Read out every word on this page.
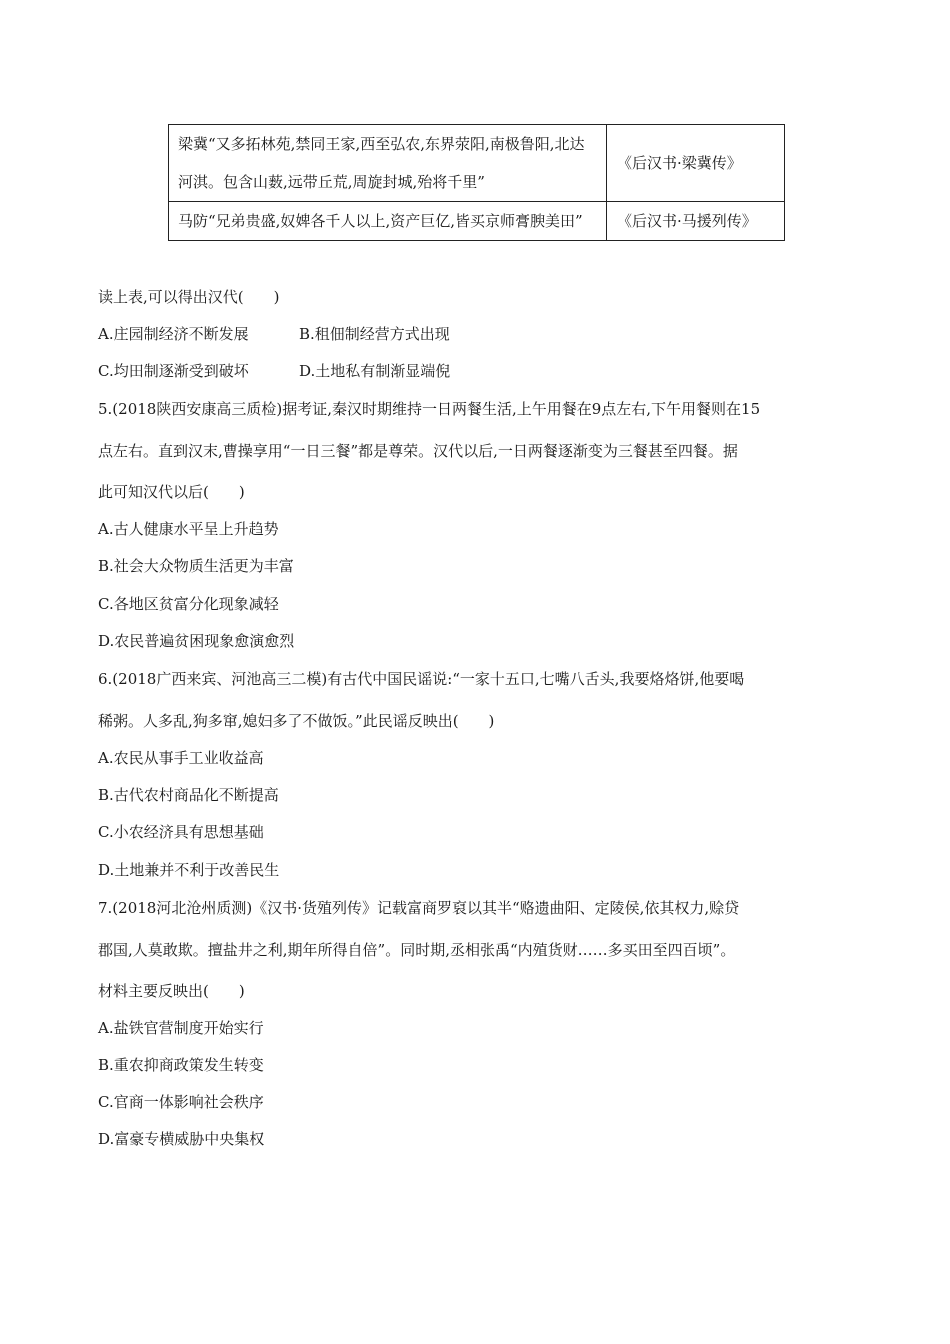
梁冀“又多拓林苑,禁同王家,西至弘农,东界荥阳,南极鲁阳,北达河淇。包含山薮,远带丘荒,周旋封城,殆将千里”	《后汉书·梁冀传》
马防“兄弟贵盛,奴婢各千人以上,资产巨亿,皆买京师膏腴美田”	《后汉书·马援列传》
读上表,可以得出汉代(　　)
A.庄园制经济不断发展	B.租佃制经营方式出现
C.均田制逐渐受到破坏	D.土地私有制渐显端倪
5.(2018陕西安康高三质检)据考证,秦汉时期维持一日两餐生活,上午用餐在9点左右,下午用餐则在15
点左右。直到汉末,曹操享用“一日三餐”都是尊荣。汉代以后,一日两餐逐渐变为三餐甚至四餐。据
此可知汉代以后(　　)
A.古人健康水平呈上升趋势
B.社会大众物质生活更为丰富
C.各地区贫富分化现象减轻
D.农民普遍贫困现象愈演愈烈
6.(2018广西来宾、河池高三二模)有古代中国民谣说:“一家十五口,七嘴八舌头,我要烙烙饼,他要喝
稀粥。人多乱,狗多窜,媳妇多了不做饭。”此民谣反映出(　　)
A.农民从事手工业收益高
B.古代农村商品化不断提高
C.小农经济具有思想基础
D.土地兼并不利于改善民生
7.(2018河北沧州质测)《汉书·货殖列传》记载富商罗裒以其半“赂遗曲阳、定陵侯,依其权力,赊贷
郡国,人莫敢欺。擅盐井之利,期年所得自倍”。同时期,丞相张禹“内殖货财……多买田至四百顷”。
材料主要反映出(　　)
A.盐铁官营制度开始实行
B.重农抑商政策发生转变
C.官商一体影响社会秩序
D.富豪专横威胁中央集权
